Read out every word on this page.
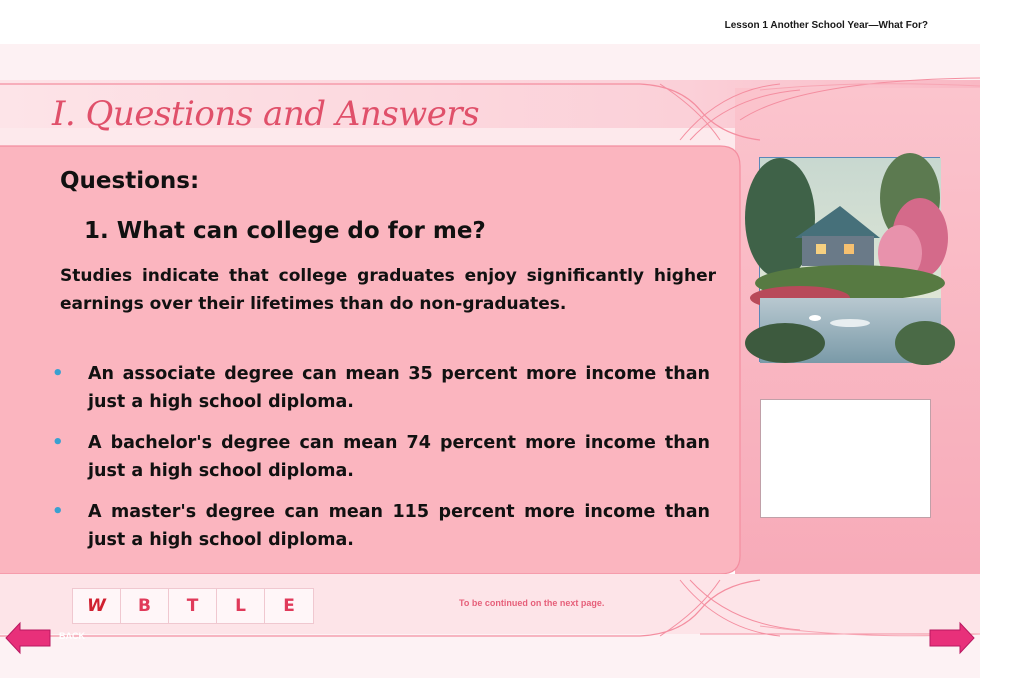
Lesson 1 Another School Year—What For?
I. Questions and Answers
Questions:
1. What can college do for me?
Studies indicate that college graduates enjoy significantly higher earnings over their lifetimes than do non-graduates.
• An associate degree can mean 35 percent more income than just a high school diploma.
• A bachelor's degree can mean 74 percent more income than just a high school diploma.
• A master's degree can mean 115 percent more income than just a high school diploma.
W	B	T	L	E	To be continued on the next page.
BACK	NEXT
